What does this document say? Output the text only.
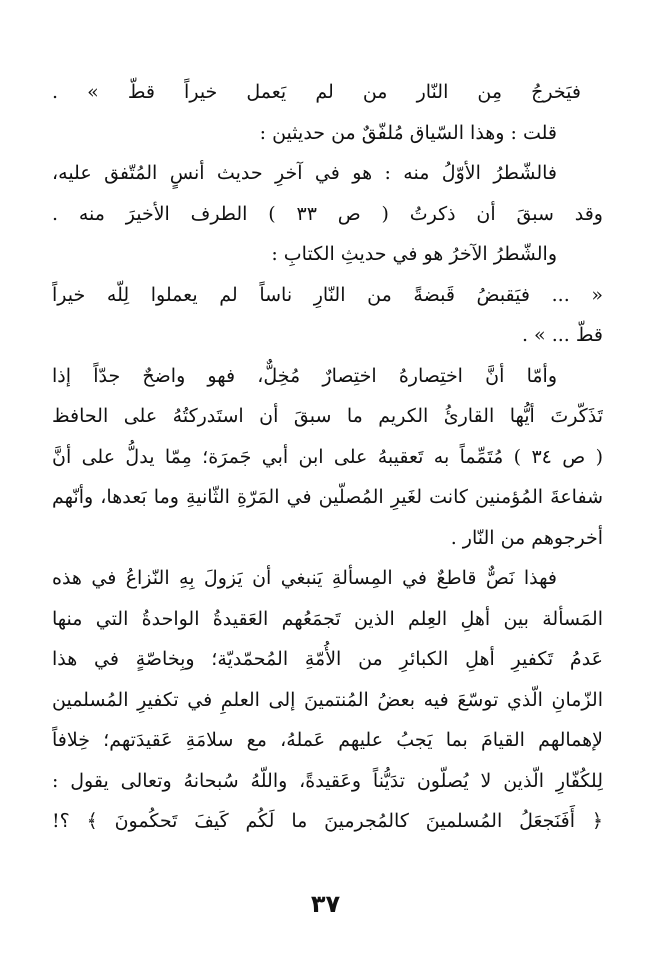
فيَخرجُ مِن النّار من لم يَعمل خيراً قطّ » .
قلت : وهذا السّياق مُلفّقٌ من حديثين :
فالشّطرُ الأوّلُ منه : هو في آخرِ حديث أنسٍ المُتّفق عليه،
وقد سبقَ أن ذكرتُ ( ص ٣٣ ) الطرف الأخيرَ منه .
والشّطرُ الآخرُ هو في حديثِ الكتابِ :
« ... فيَقبضُ قَبضةً من النّارِ ناساً لم يعملوا لِلّه خيراً
قطّ ... » .
وأمّا أنَّ اختِصارهُ اختِصارٌ مُخِلٌّ، فهو واضحٌ جدّاً إذا
تَذَكّرتَ أيُّها القارئُ الكريم ما سبقَ أن استَدركتُهُ على الحافظ
( ص ٣٤ ) مُتَمِّماً به تَعقيبهُ على ابن أبي جَمرَة؛ مِمّا يدلُّ على أنَّ
شفاعةَ المُؤمنين كانت لغَيرِ المُصلّين في المَرّةِ الثّانيةِ وما بَعدها، وأنّهم
أخرجوهم من النّار .
فهذا نَصٌّ قاطعٌ في المِسألةِ يَنبغي أن يَزولَ بِهِ النّزاعُ في هذه
المَسألة بين أهلِ العِلم الذين تَجمَعُهم العَقيدةُ الواحدةُ التي منها
عَدمُ تَكفيرِ أهلِ الكبائرِ من الأُمّةِ المُحمّديّة؛ وبِخاصّةٍ في هذا
الزّمانِ الّذي توسّعَ فيه بعضُ المُنتمينَ إلى العلمِ في تكفيرِ المُسلمين
لإهمالهم القيامَ بما يَجبُ عليهم عَملهُ، مع سلامَةِ عَقيدَتهم؛ خِلافاً
لِلكُفّارِ الّذين لا يُصلّون تدَيُّناً وعَقيدةً، واللّهُ سُبحانهُ وتعالى يقول :
﴿ أَفَنَجعَلُ المُسلمينَ كالمُجرمينَ ما لَكُم كَيفَ تَحكُمونَ ﴾ ؟!
٣٧
